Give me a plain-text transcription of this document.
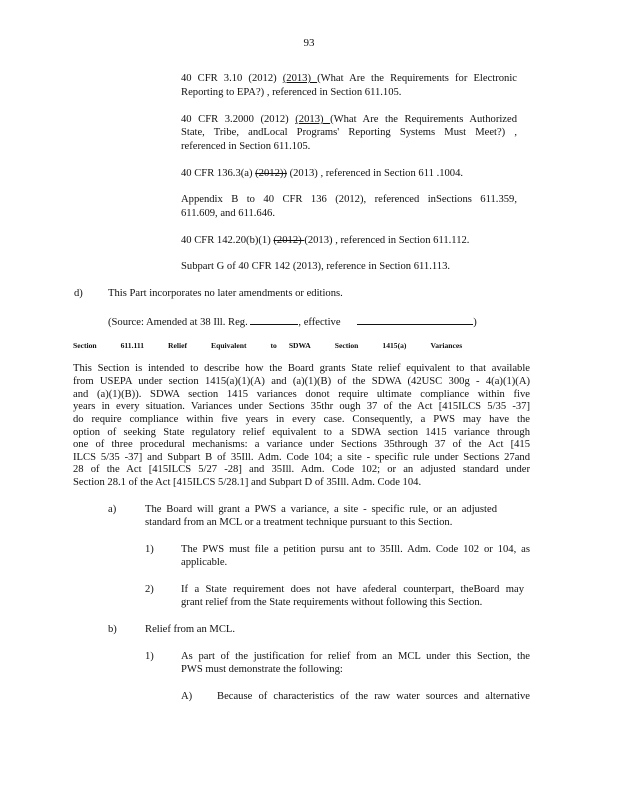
93
40 CFR 3.10 (2012) (2013) (What Are the Requirements for Electronic
Reporting to EPA?) , referenced in Section 611.105.
40 CFR 3.2000 (2012) (2013) (What Are the Requirements Authorized
State, Tribe, andLocal Programs' Reporting Systems Must Meet?) ,
referenced in Section 611.105.
40 CFR 136.3(a) (2012)) (2013) , referenced in Section 611 .1004.
Appendix B to 40 CFR 136 (2012), referenced inSections 611.359,
611.609, and 611.646.
40 CFR 142.20(b)(1) (2012) (2013) , referenced in Section 611.112.
Subpart G of 40 CFR 142 (2013), reference in Section 611.113.
d) This Part incorporates no later amendments or editions.
(Source: Amended at 38 Ill. Reg.	, effective	)
Section	611.111	Relief	Equivalent	to SDWA	Section	1415(a)	Variances
This Section is intended to describe how the Board grants State relief equivalent to that available
from USEPA under section 1415(a)(1)(A) and (a)(1)(B) of the SDWA (42USC 300g - 4(a)(1)(A)
and (a)(1)(B)). SDWA section 1415 variances donot require ultimate compliance within five
years in every situation. Variances under Sections 35thr ough 37 of the Act [415ILCS 5/35 -37]
do require compliance within five years in every case. Consequently, a PWS may have the
option of seeking State regulatory relief equivalent to a SDWA section 1415 variance through
one of three procedural mechanisms: a variance under Sections 35through 37 of the Act [415
ILCS 5/35 -37] and Subpart B of 35Ill. Adm. Code 104; a site - specific rule under Sections 27and
28 of the Act [415ILCS 5/27 -28] and 35Ill. Adm. Code 102; or an adjusted standard under
Section 28.1 of the Act [415ILCS 5/28.1] and Subpart D of 35Ill. Adm. Code 104.
a)	The Board will grant a PWS a variance, a site - specific rule, or an adjusted
standard from an MCL or a treatment technique pursuant to this Section.
1)	The PWS must file a petition pursu ant to 35Ill. Adm. Code 102 or 104, as
applicable.
2)	If a State requirement does not have afederal counterpart, theBoard may
grant relief from the State requirements without following this Section.
b)	Relief from an MCL.
1)	As part of the justification for relief from an MCL under this Section, the
PWS must demonstrate the following:
A) Because of characteristics of the raw water sources and alternative
